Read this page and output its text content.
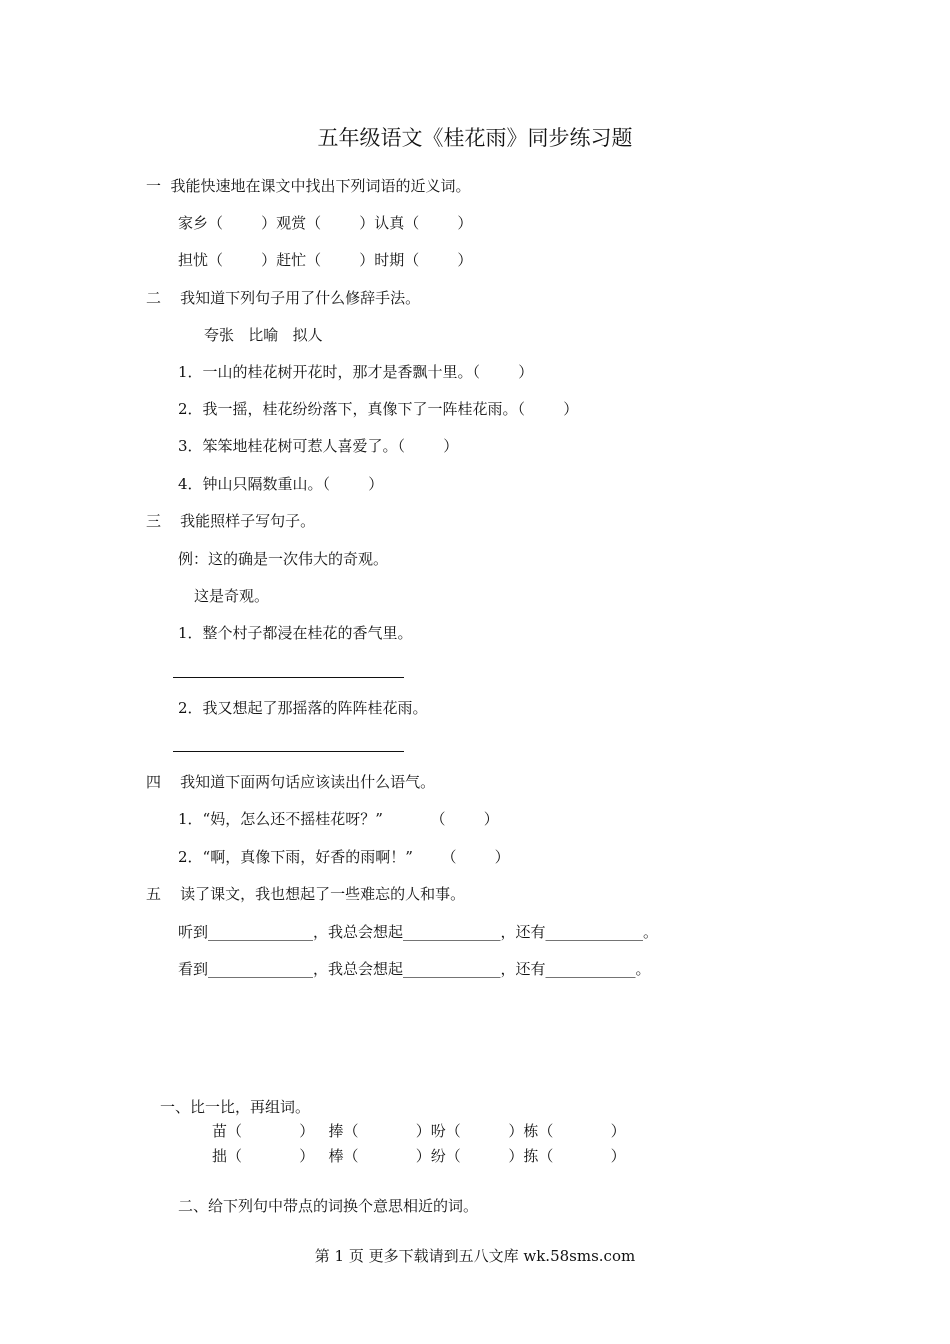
五年级语文《桂花雨》同步练习题
一  我能快速地在课文中找出下列词语的近义词。
家乡（        ）观赏（        ）认真（        ）
担忧（        ）赶忙（        ）时期（        ）
二    我知道下列句子用了什么修辞手法。
夸张   比喻   拟人
1．一山的桂花树开花时，那才是香飘十里。（        ）
2．我一摇，桂花纷纷落下，真像下了一阵桂花雨。（        ）
3．笨笨地桂花树可惹人喜爱了。（        ）
4．钟山只隔数重山。（        ）
三    我能照样子写句子。
例：这的确是一次伟大的奇观。
这是奇观。
1．整个村子都浸在桂花的香气里。
2．我又想起了那摇落的阵阵桂花雨。
四    我知道下面两句话应该读出什么语气。
1．“妈，怎么还不摇桂花呀？”          （        ）
2．“啊，真像下雨，好香的雨啊！”      （        ）
五    读了课文，我也想起了一些难忘的人和事。
听到______________，我总会想起_____________，还有_____________。
看到______________，我总会想起_____________，还有____________。
一、比一比，再组词。
苗（            ）   捧（            ）吩（          ）栋（            ）
拙（            ）   棒（            ）纷（          ）拣（            ）
二、给下列句中带点的词换个意思相近的词。
第 1 页 更多下载请到五八文库 wk.58sms.com
